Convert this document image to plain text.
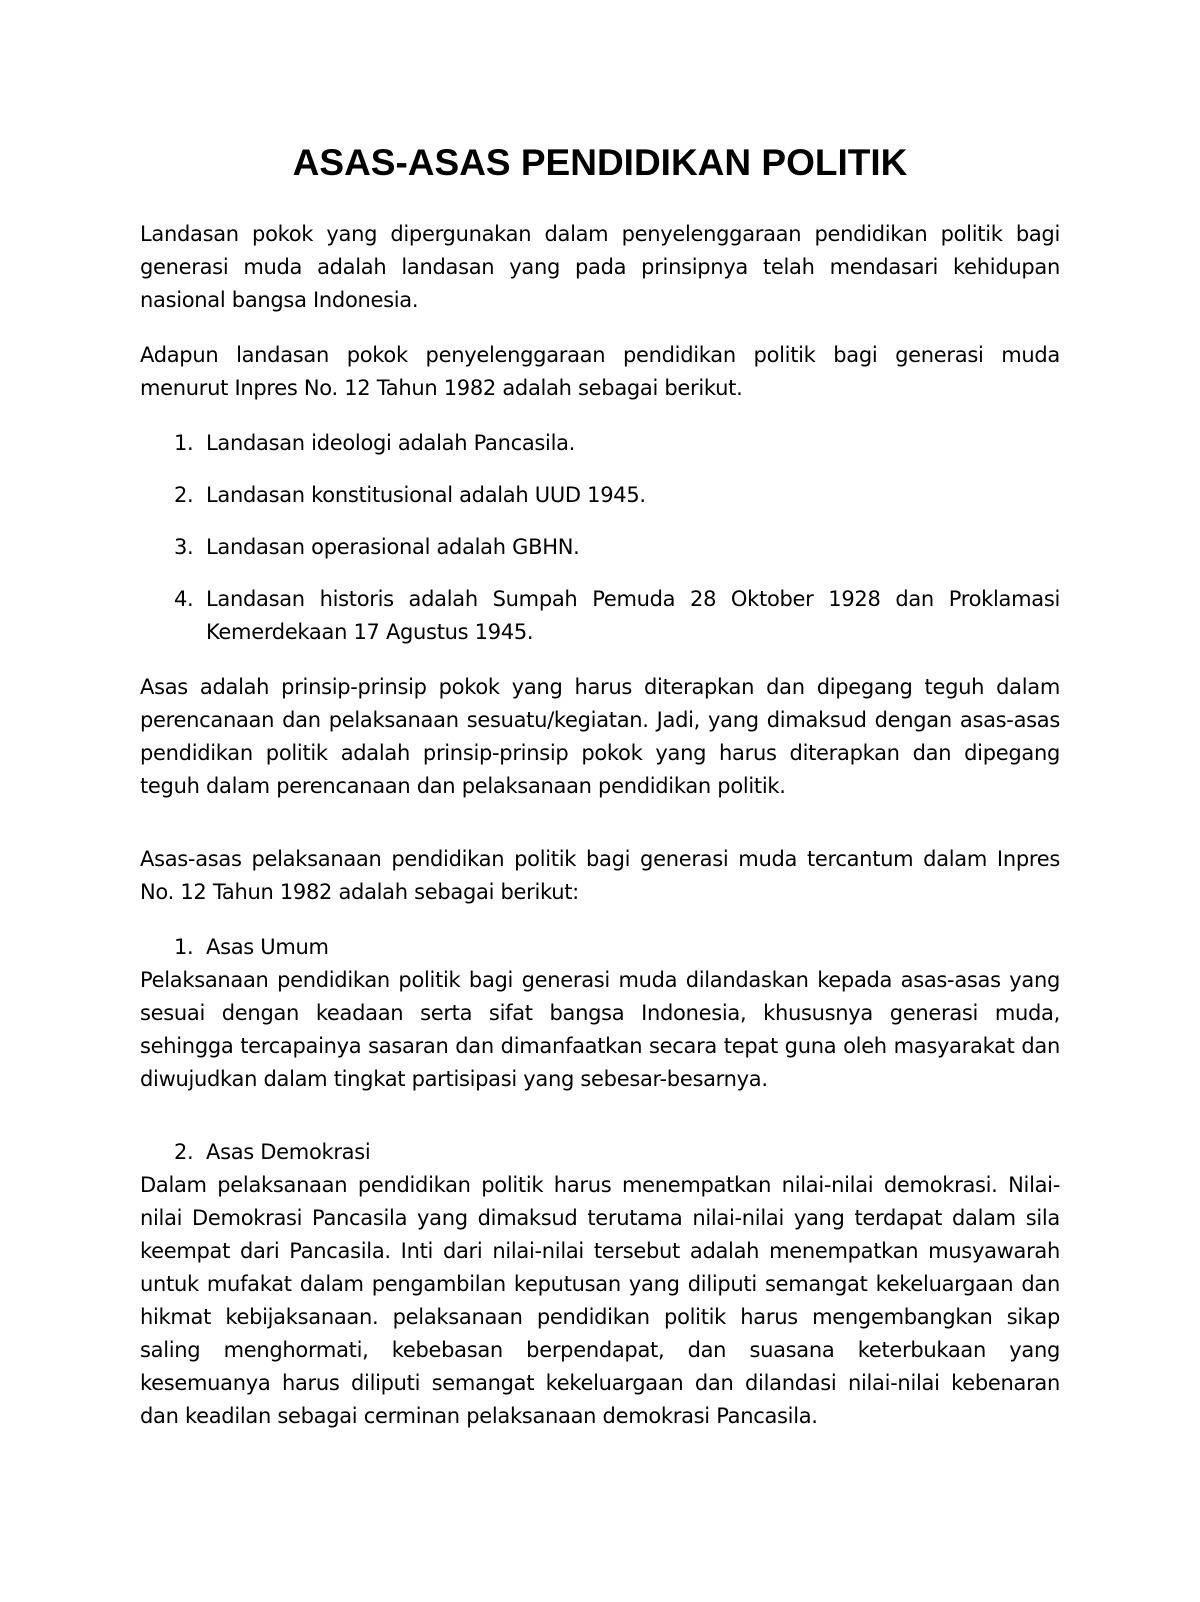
ASAS-ASAS PENDIDIKAN POLITIK

Landasan pokok yang dipergunakan dalam penyelenggaraan pendidikan politik bagi generasi muda adalah landasan yang pada prinsipnya telah mendasari kehidupan nasional bangsa Indonesia.

Adapun landasan pokok penyelenggaraan pendidikan politik bagi generasi muda menurut Inpres No. 12 Tahun 1982 adalah sebagai berikut.

1. Landasan ideologi adalah Pancasila.
2. Landasan konstitusional adalah UUD 1945.
3. Landasan operasional adalah GBHN.
4. Landasan historis adalah Sumpah Pemuda 28 Oktober 1928 dan Proklamasi Kemerdekaan 17 Agustus 1945.

Asas adalah prinsip-prinsip pokok yang harus diterapkan dan dipegang teguh dalam perencanaan dan pelaksanaan sesuatu/kegiatan. Jadi, yang dimaksud dengan asas-asas pendidikan politik adalah prinsip-prinsip pokok yang harus diterapkan dan dipegang teguh dalam perencanaan dan pelaksanaan pendidikan politik.

Asas-asas pelaksanaan pendidikan politik bagi generasi muda tercantum dalam Inpres No. 12 Tahun 1982 adalah sebagai berikut:

1. Asas Umum

Pelaksanaan pendidikan politik bagi generasi muda dilandaskan kepada asas-asas yang sesuai dengan keadaan serta sifat bangsa Indonesia, khususnya generasi muda, sehingga tercapainya sasaran dan dimanfaatkan secara tepat guna oleh masyarakat dan diwujudkan dalam tingkat partisipasi yang sebesar-besarnya.

2. Asas Demokrasi

Dalam pelaksanaan pendidikan politik harus menempatkan nilai-nilai demokrasi. Nilai-nilai Demokrasi Pancasila yang dimaksud terutama nilai-nilai yang terdapat dalam sila keempat dari Pancasila. Inti dari nilai-nilai tersebut adalah menempatkan musyawarah untuk mufakat dalam pengambilan keputusan yang diliputi semangat kekeluargaan dan hikmat kebijaksanaan. pelaksanaan pendidikan politik harus mengembangkan sikap saling menghormati, kebebasan berpendapat, dan suasana keterbukaan yang kesemuanya harus diliputi semangat kekeluargaan dan dilandasi nilai-nilai kebenaran dan keadilan sebagai cerminan pelaksanaan demokrasi Pancasila.
